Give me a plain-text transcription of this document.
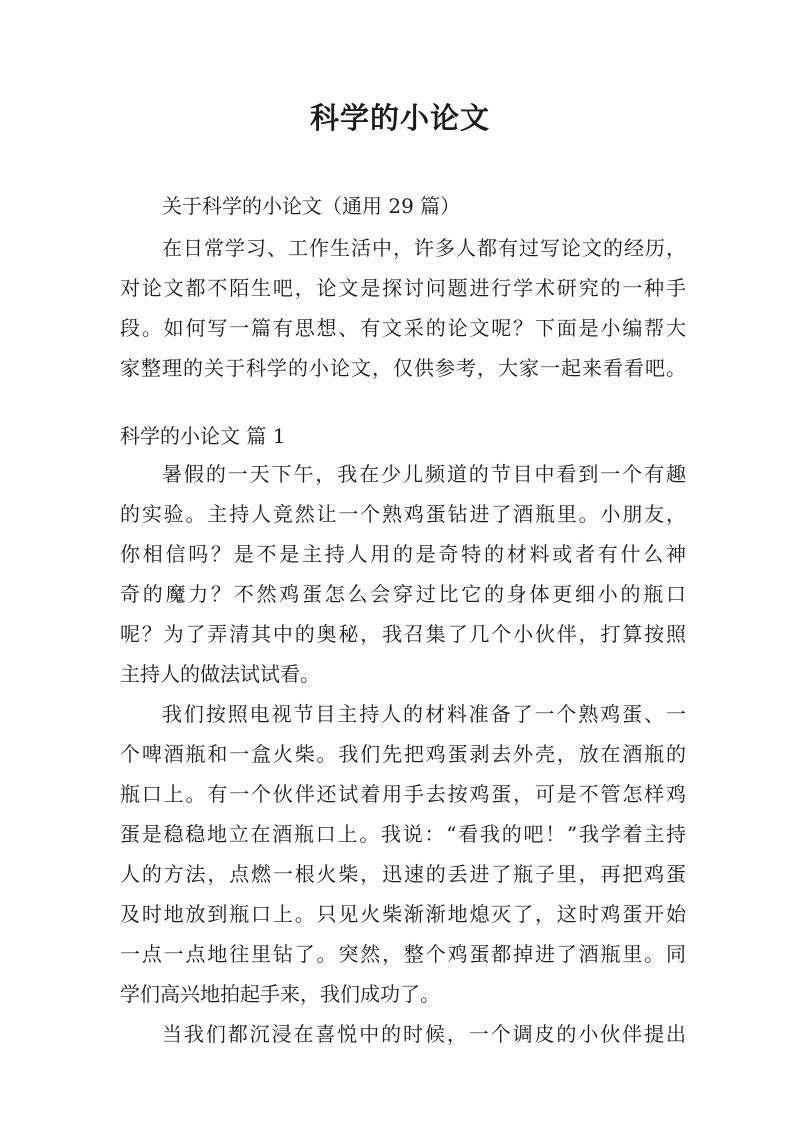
科学的小论文
关于科学的小论文（通用 29 篇）
在日常学习、工作生活中，许多人都有过写论文的经历，
对论文都不陌生吧，论文是探讨问题进行学术研究的一种手
段。如何写一篇有思想、有文采的论文呢？下面是小编帮大
家整理的关于科学的小论文，仅供参考，大家一起来看看吧。
科学的小论文 篇 1
暑假的一天下午，我在少儿频道的节目中看到一个有趣
的实验。主持人竟然让一个熟鸡蛋钻进了酒瓶里。小朋友，
你相信吗？是不是主持人用的是奇特的材料或者有什么神
奇的魔力？不然鸡蛋怎么会穿过比它的身体更细小的瓶口
呢？为了弄清其中的奥秘，我召集了几个小伙伴，打算按照
主持人的做法试试看。
我们按照电视节目主持人的材料准备了一个熟鸡蛋、一
个啤酒瓶和一盒火柴。我们先把鸡蛋剥去外壳，放在酒瓶的
瓶口上。有一个伙伴还试着用手去按鸡蛋，可是不管怎样鸡
蛋是稳稳地立在酒瓶口上。我说：“看我的吧！”我学着主持
人的方法，点燃一根火柴，迅速的丢进了瓶子里，再把鸡蛋
及时地放到瓶口上。只见火柴渐渐地熄灭了，这时鸡蛋开始
一点一点地往里钻了。突然，整个鸡蛋都掉进了酒瓶里。同
学们高兴地拍起手来，我们成功了。
当我们都沉浸在喜悦中的时候，一个调皮的小伙伴提出
